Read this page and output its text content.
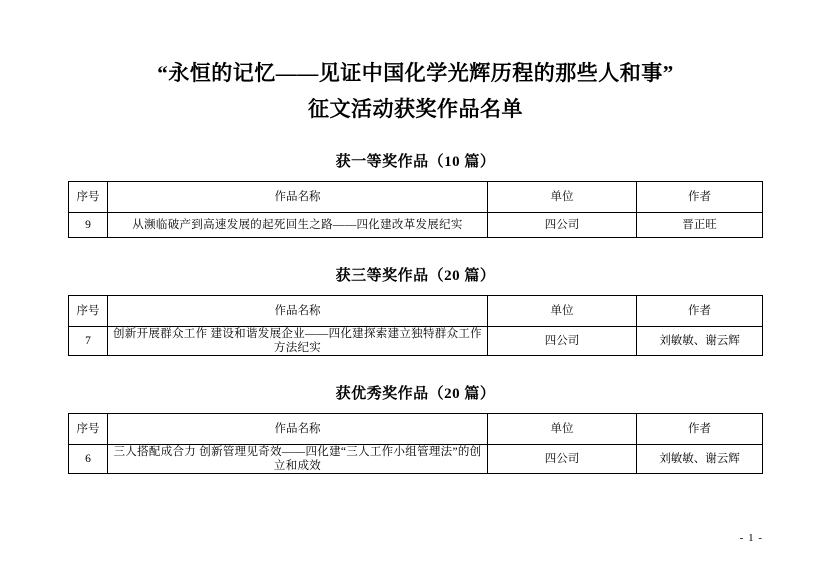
“永恒的记忆——见证中国化学光辉历程的那些人和事”
征文活动获奖作品名单
获一等奖作品（10 篇）
序号	作品名称	单位	作者
9	从濒临破产到高速发展的起死回生之路——四化建改革发展纪实	四公司	晋正旺
获三等奖作品（20 篇）
序号	作品名称	单位	作者
7	创新开展群众工作 建设和谐发展企业——四化建探索建立独特群众工作方法纪实	四公司	刘敏敏、谢云辉
获优秀奖作品（20 篇）
序号	作品名称	单位	作者
6	三人搭配成合力 创新管理见奇效——四化建“三人工作小组管理法”的创立和成效	四公司	刘敏敏、谢云辉
- 1 -
